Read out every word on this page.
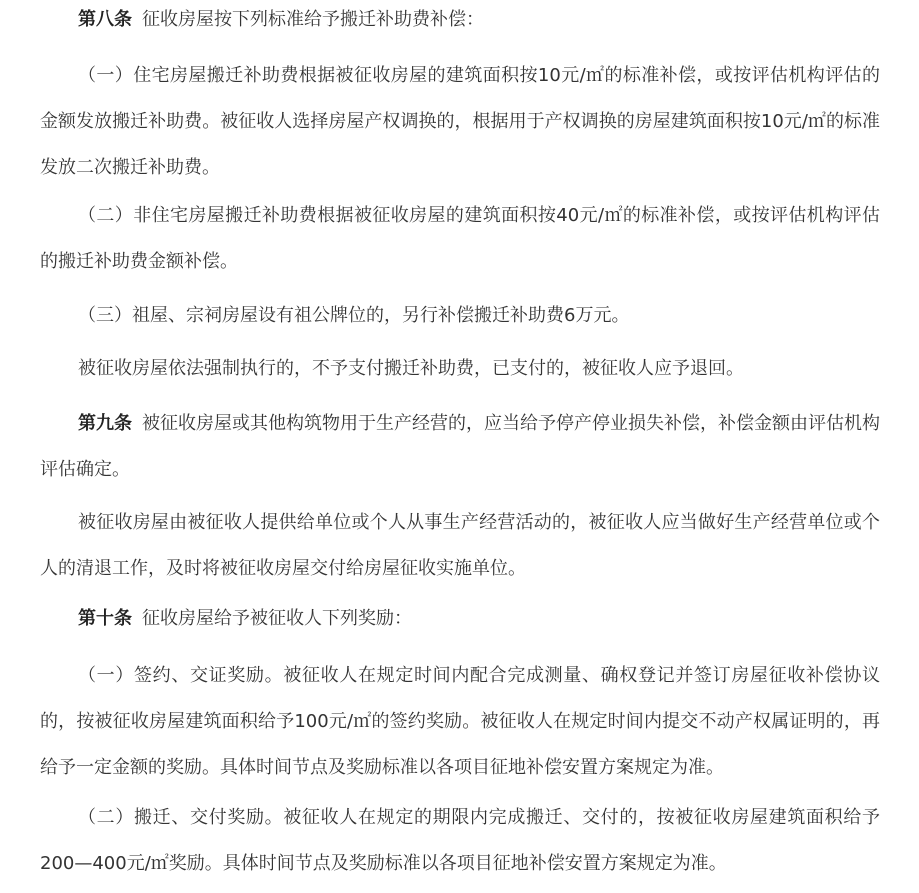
第八条 征收房屋按下列标准给予搬迁补助费补偿：

（一）住宅房屋搬迁补助费根据被征收房屋的建筑面积按10元/㎡的标准补偿，或按评估机构评估的金额发放搬迁补助费。被征收人选择房屋产权调换的，根据用于产权调换的房屋建筑面积按10元/㎡的标准发放二次搬迁补助费。

（二）非住宅房屋搬迁补助费根据被征收房屋的建筑面积按40元/㎡的标准补偿，或按评估机构评估的搬迁补助费金额补偿。

（三）祖屋、宗祠房屋设有祖公牌位的，另行补偿搬迁补助费6万元。

被征收房屋依法强制执行的，不予支付搬迁补助费，已支付的，被征收人应予退回。

第九条 被征收房屋或其他构筑物用于生产经营的，应当给予停产停业损失补偿，补偿金额由评估机构评估确定。

被征收房屋由被征收人提供给单位或个人从事生产经营活动的，被征收人应当做好生产经营单位或个人的清退工作，及时将被征收房屋交付给房屋征收实施单位。

第十条 征收房屋给予被征收人下列奖励：

（一）签约、交证奖励。被征收人在规定时间内配合完成测量、确权登记并签订房屋征收补偿协议的，按被征收房屋建筑面积给予100元/㎡的签约奖励。被征收人在规定时间内提交不动产权属证明的，再给予一定金额的奖励。具体时间节点及奖励标准以各项目征地补偿安置方案规定为准。

（二）搬迁、交付奖励。被征收人在规定的期限内完成搬迁、交付的，按被征收房屋建筑面积给予200—400元/㎡奖励。具体时间节点及奖励标准以各项目征地补偿安置方案规定为准。
